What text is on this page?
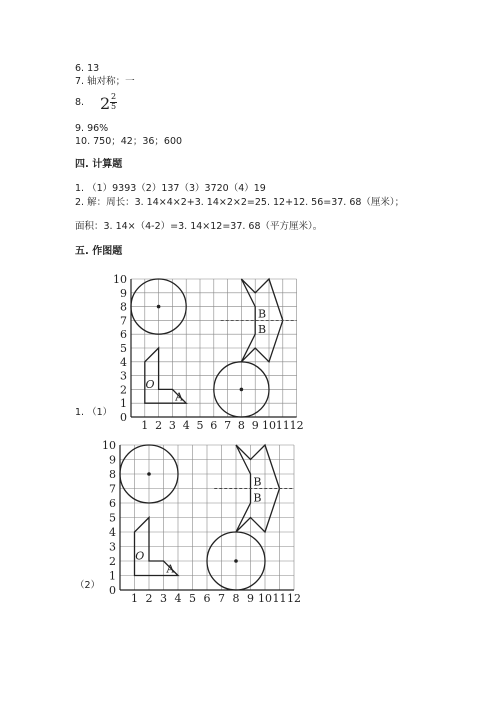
6. 13
7. 轴对称；一
8. 2 2
5
9. 96%
10. 750；42；36；600
四. 计算题
1. （1）9393（2）137（3）3720（4）19
2. 解：周长：3. 14×4×2+3. 14×2×2=25. 12+12. 56=37. 68（厘米）；
面积：3. 14×（4-2）=3. 14×12=37. 68（平方厘米）。
五. 作图题
1. （1）
（2）
1 2 3 4 5 6 7 8 9 10 11 12
0
1
2
3
4
5
6
7
8
9
10
A
O
B
B
1 2 3 4 5 6 7 8 9 10 11 12
0
1
2
3
4
5
6
7
8
9
10
A
O
B
B
